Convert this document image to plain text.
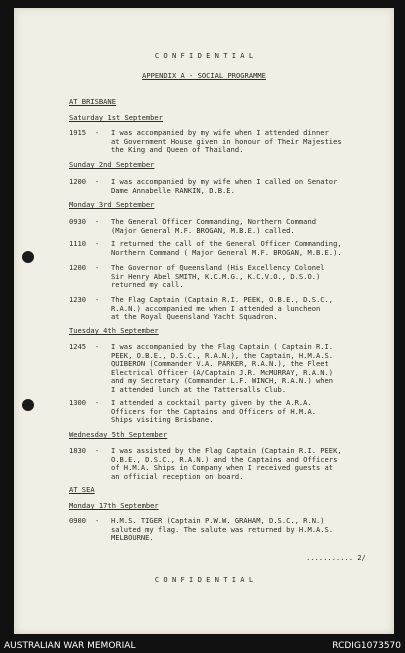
C O N F I D E N T I A L
APPENDIX A - SOCIAL PROGRAMME
AT BRISBANE
Saturday 1st September
1915 - I was accompanied by my wife when I attended dinner
at Government House given in honour of Their Majesties
the King and Queen of Thailand.
Sunday 2nd September
1200 - I was accompanied by my wife when I called on Senator
Dame Annabelle RANKIN, D.B.E.
Monday 3rd September
0930 - The General Officer Commanding, Northern Command
(Major General M.F. BROGAN, M.B.E.) called.
1110 - I returned the call of the General Officer Commanding,
Northern Command ( Major General M.F. BROGAN, M.B.E.).
1200 - The Governor of Queensland (His Excellency Colonel
Sir Henry Abel SMITH, K.C.M.G., K.C.V.O., D.S.O.)
returned my call.
1230 - The Flag Captain (Captain R.I. PEEK, O.B.E., D.S.C.,
R.A.N.) accompanied me when I attended a luncheon
at the Royal Queensland Yacht Squadron.
Tuesday 4th September
1245 - I was accompanied by the Flag Captain ( Captain R.I.
PEEK, O.B.E., D.S.C., R.A.N.), the Captain, H.M.A.S.
QUIBERON (Commander V.A. PARKER, R.A.N.), the Fleet
Electrical Officer (A/Captain J.R. McMURRAY, R.A.N.)
and my Secretary (Commander L.F. WINCH, R.A.N.) when
I attended lunch at the Tattersalls Club.
1300 - I attended a cocktail party given by the A.R.A.
Officers for the Captains and Officers of H.M.A.
Ships visiting Brisbane.
Wednesday 5th September
1830 - I was assisted by the Flag Captain (Captain R.I. PEEK,
O.B.E., D.S.C., R.A.N.) and the Captains and Officers
of H.M.A. Ships in Company when I received guests at
an official reception on board.
AT SEA
Monday 17th September
0900 - H.M.S. TIGER (Captain P.W.W. GRAHAM, D.S.C., R.N.)
saluted my flag. The salute was returned by H.M.A.S.
MELBOURNE.
........... 2/
C O N F I D E N T I A L
AUSTRALIAN WAR MEMORIAL	RCDIG1073570
